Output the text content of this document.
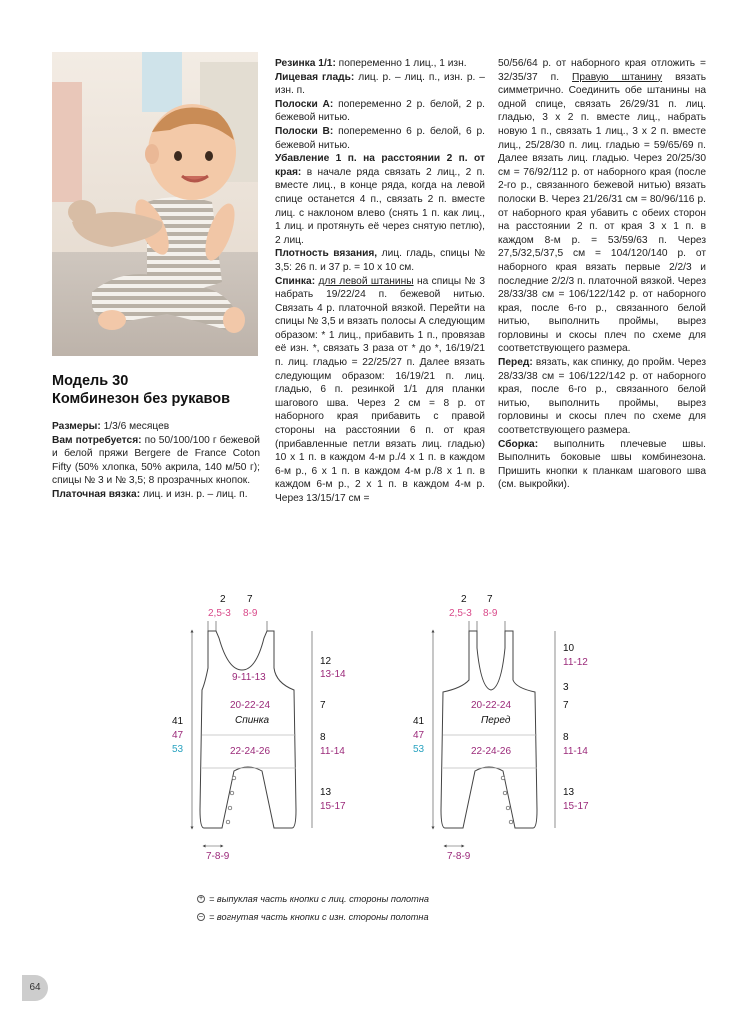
Модель 30
Комбинезон без рукавов

Размеры: 1/3/6 месяцев

Вам потребуется: по 50/100/100 г бежевой и белой пряжи Bergere de France Coton Fifty (50% хлопка, 50% акрила, 140 м/50 г); спицы № 3 и № 3,5; 8 прозрачных кнопок.

Платочная вязка: лиц. и изн. р. – лиц. п.

Резинка 1/1: попеременно 1 лиц., 1 изн.

Лицевая гладь: лиц. р. – лиц. п., изн. р. – изн. п.

Полоски А: попеременно 2 р. белой, 2 р. бежевой нитью.

Полоски В: попеременно 6 р. белой, 6 р. бежевой нитью.

Убавление 1 п. на расстоянии 2 п. от края: в начале ряда связать 2 лиц., 2 п. вместе лиц., в конце ряда, когда на левой спице останется 4 п., связать 2 п. вместе лиц. с наклоном влево (снять 1 п. как лиц., 1 лиц. и протянуть её через снятую петлю), 2 лиц.

Плотность вязания, лиц. гладь, спицы № 3,5: 26 п. и 37 р. = 10 х 10 см.

Спинка: для левой штанины на спицы № 3 набрать 19/22/24 п. бежевой нитью. Связать 4 р. платочной вязкой. Перейти на спицы № 3,5 и вязать полосы А следующим образом: * 1 лиц., прибавить 1 п., провязав её изн. *, связать 3 раза от * до *, 16/19/21 п. лиц. гладью = 22/25/27 п. Далее вязать следующим образом: 16/19/21 п. лиц. гладью, 6 п. резинкой 1/1 для планки шагового шва. Через 2 см = 8 р. от наборного края прибавить с правой стороны на расстоянии 6 п. от края (прибавленные петли вязать лиц. гладью) 10 х 1 п. в каждом 4-м р./4 х 1 п. в каждом 6-м р., 6 х 1 п. в каждом 4-м р./8 х 1 п. в каждом 6-м р., 2 х 1 п. в каждом 4-м р. Через 13/15/17 см =

50/56/64 р. от наборного края отложить = 32/35/37 п. Правую штанину вязать симметрично. Соединить обе штанины на одной спице, связать 26/29/31 п. лиц. гладью, 3 х 2 п. вместе лиц., набрать новую 1 п., связать 1 лиц., 3 х 2 п. вместе лиц., 25/28/30 п. лиц. гладью = 59/65/69 п. Далее вязать лиц. гладью. Через 20/25/30 см = 76/92/112 р. от наборного края (после 2-го р., связанного бежевой нитью) вязать полоски В. Через 21/26/31 см = 80/96/116 р. от наборного края убавить с обеих сторон на расстоянии 2 п. от края 3 х 1 п. в каждом 8-м р. = 53/59/63 п. Через 27,5/32,5/37,5 см = 104/120/140 р. от наборного края вязать первые 2/2/3 и последние 2/2/3 п. платочной вязкой. Через 28/33/38 см = 106/122/142 р. от наборного края, после 6-го р., связанного белой нитью, выполнить проймы, вырез горловины и скосы плеч по схеме для соответствующего размера.

Перед: вязать, как спинку, до пройм. Через 28/33/38 см = 106/122/142 р. от наборного края, после 6-го р., связанного белой нитью, выполнить проймы, вырез горловины и скосы плеч по схеме для соответствующего размера.

Сборка: выполнить плечевые швы. Выполнить боковые швы комбинезона. Пришить кнопки к планкам шагового шва (см. выкройки).

2 7
2,5-3 8-9
9-11-13
20-22-24
Спинка
22-24-26
7-8-9
41
47
53
12
13-14
7
8
11-14
13
15-17
2 7
2,5-3 8-9
20-22-24
Перед
22-24-26
7-8-9
41
47
53
10
11-12
3
7
8
11-14
13
15-17
+ = выпуклая часть кнопки с лиц. стороны полотна
– = вогнутая часть кнопки с изн. стороны полотна
64
